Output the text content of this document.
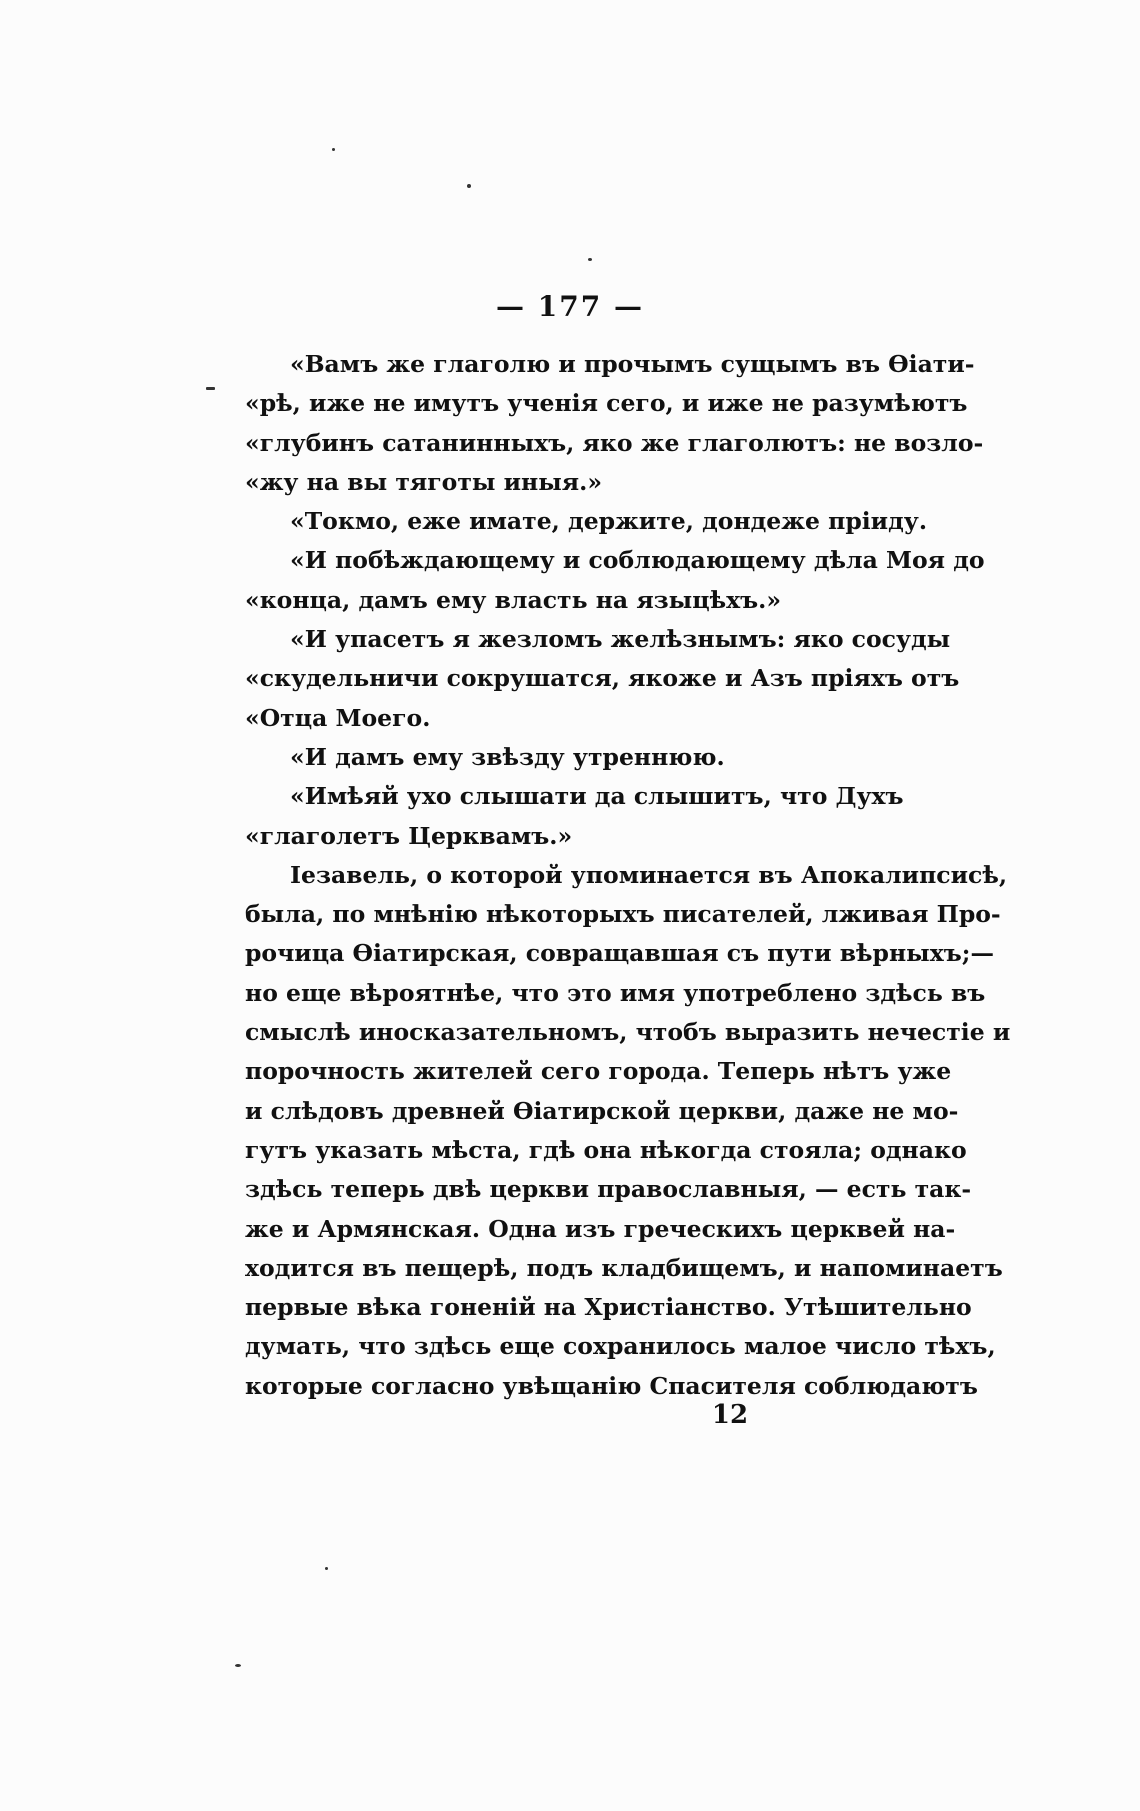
— 177 —
«Вамъ же глаголю и прочымъ сущымъ въ Ѳіати-
«рѣ, иже не имутъ ученія сего, и иже не разумѣютъ
«глубинъ сатанинныхъ, яко же глаголютъ: не возло-
«жу на вы тяготы иныя.»
«Токмо, еже имате, держите, дондеже пріиду.
«И побѣждающему и соблюдающему дѣла Моя до
«конца, дамъ ему власть на языцѣхъ.»
«И упасетъ я жезломъ желѣзнымъ: яко сосуды
«скудельничи сокрушатся, якоже и Азъ пріяхъ отъ
«Отца Моего.
«И дамъ ему звѣзду утреннюю.
«Имѣяй ухо слышати да слышитъ, что Духъ
«глаголетъ Церквамъ.»
Іезавель, о которой упоминается въ Апокалипсисѣ,
была, по мнѣнію нѣкоторыхъ писателей, лживая Про-
рочица Ѳіатирская, совращавшая съ пути вѣрныхъ;—
но еще вѣроятнѣе, что это имя употреблено здѣсь въ
смыслѣ иносказательномъ, чтобъ выразить нечестіе и
порочность жителей сего города. Теперь нѣтъ уже
и слѣдовъ древней Ѳіатирской церкви, даже не мо-
гутъ указать мѣста, гдѣ она нѣкогда стояла; однако
здѣсь теперь двѣ церкви православныя, — есть так-
же и Армянская. Одна изъ греческихъ церквей на-
ходится въ пещерѣ, подъ кладбищемъ, и напоминаетъ
первые вѣка гоненій на Христіанство. Утѣшительно
думать, что здѣсь еще сохранилось малое число тѣхъ,
которые согласно увѣщанію Спасителя соблюдаютъ
12
